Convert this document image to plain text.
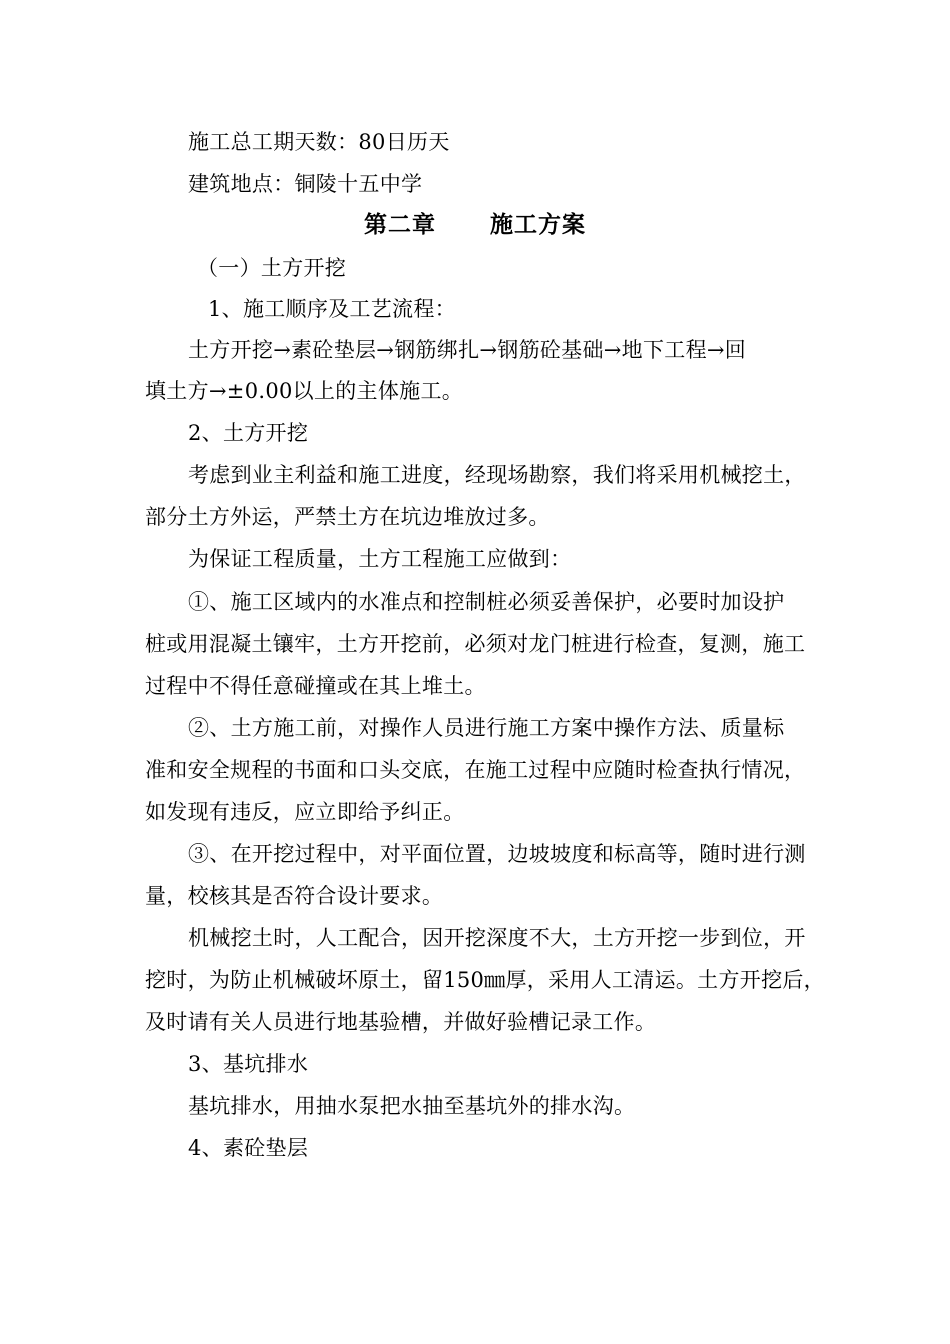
施工总工期天数：80日历天
建筑地点：铜陵十五中学
第二章      施工方案
（一）土方开挖
1、施工顺序及工艺流程：
土方开挖→素砼垫层→钢筋绑扎→钢筋砼基础→地下工程→回
填土方→±0.00以上的主体施工。
2、土方开挖
考虑到业主利益和施工进度，经现场勘察，我们将采用机械挖土，
部分土方外运，严禁土方在坑边堆放过多。
为保证工程质量，土方工程施工应做到：
①、施工区域内的水准点和控制桩必须妥善保护，必要时加设护
桩或用混凝土镶牢，土方开挖前，必须对龙门桩进行检查，复测，施工
过程中不得任意碰撞或在其上堆土。
②、土方施工前，对操作人员进行施工方案中操作方法、质量标
准和安全规程的书面和口头交底，在施工过程中应随时检查执行情况，
如发现有违反，应立即给予纠正。
③、在开挖过程中，对平面位置，边坡坡度和标高等，随时进行测
量，校核其是否符合设计要求。
机械挖土时，人工配合，因开挖深度不大，土方开挖一步到位，开
挖时，为防止机械破坏原土，留150㎜厚，采用人工清运。土方开挖后，
及时请有关人员进行地基验槽，并做好验槽记录工作。
3、基坑排水
基坑排水，用抽水泵把水抽至基坑外的排水沟。
4、素砼垫层
